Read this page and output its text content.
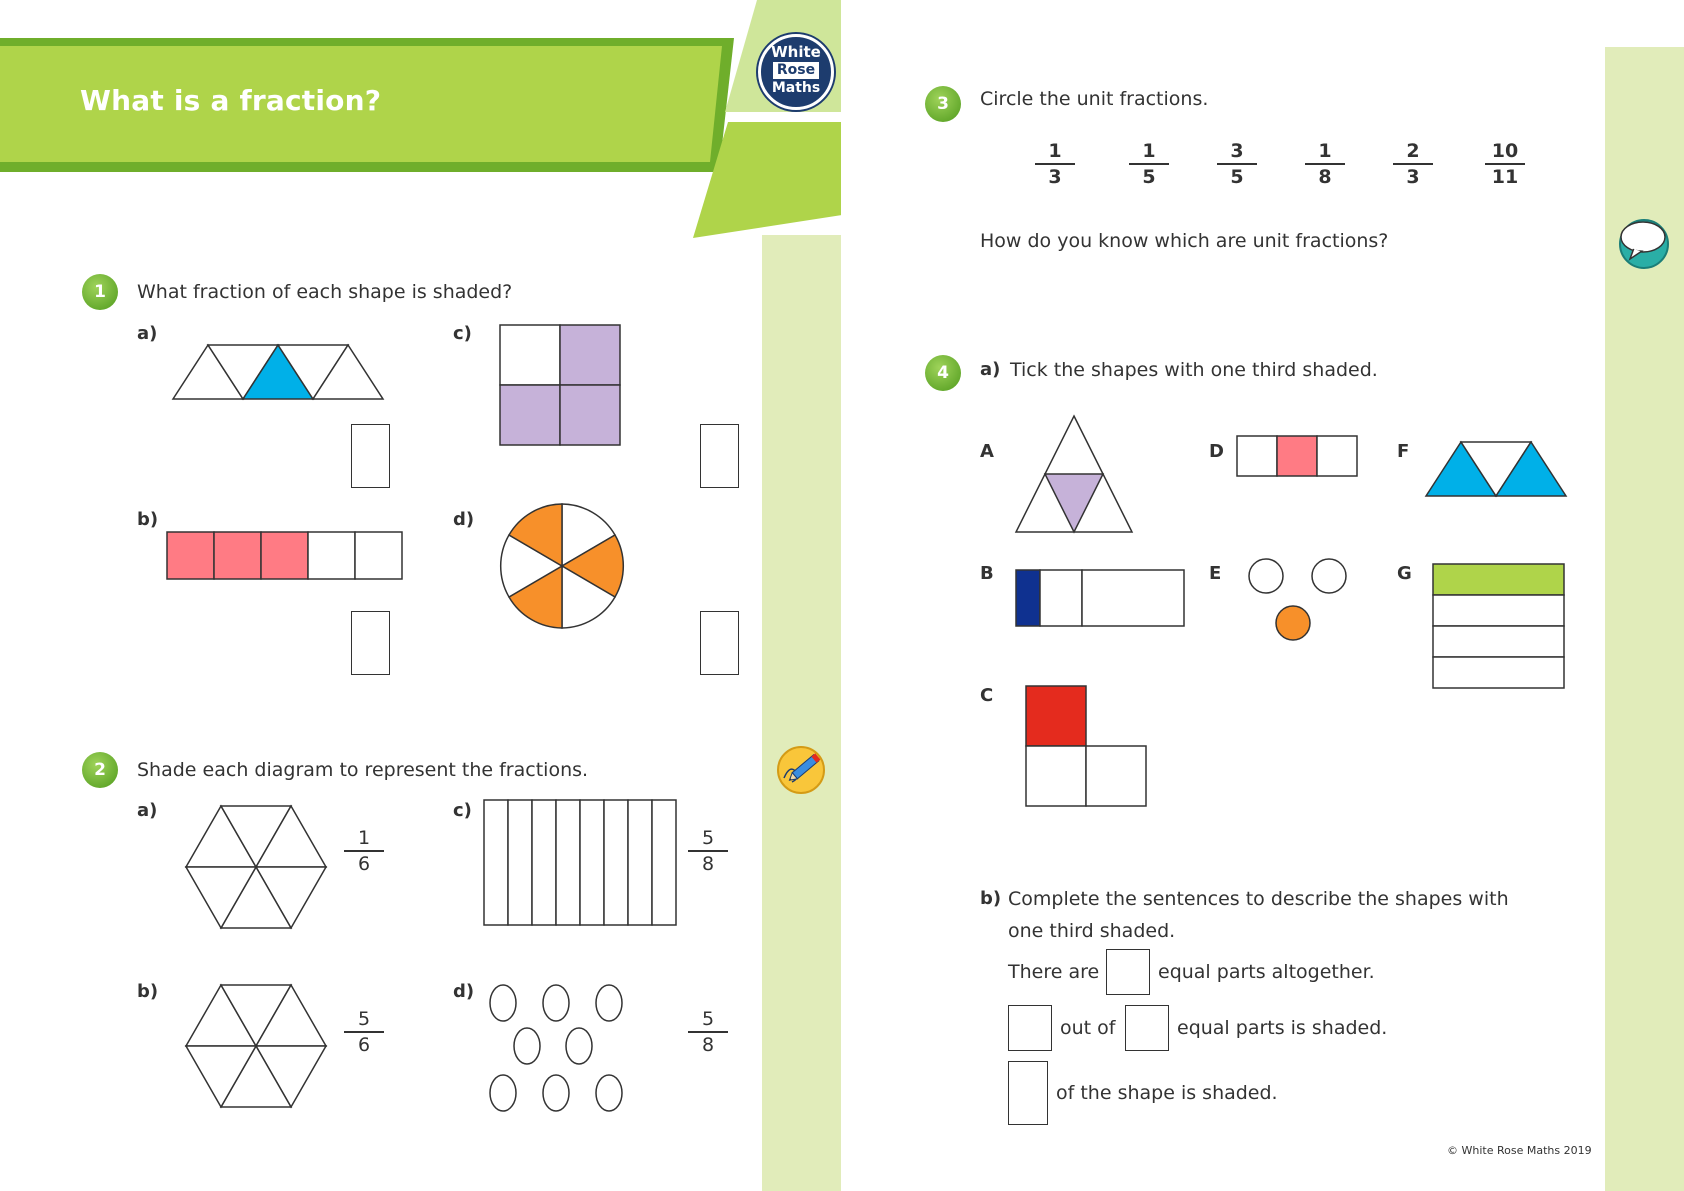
White
Rose
Maths
What is a fraction?
1	What fraction of each shape is shaded?
a)	c)
b)	d)
2	Shade each diagram to represent the fractions.
a)	c)
b)	d)
$\frac{1}{6}$
$\frac{5}{6}$
$\frac{5}{8}$
$\frac{5}{8}$
3	Circle the unit fractions.
$\frac{1}{3}$	$\frac{1}{5}$	$\frac{3}{5}$	$\frac{1}{8}$	$\frac{2}{3}$	$\frac{10}{11}$
How do you know which are unit fractions?
4	a) Tick the shapes with one third shaded.
A
B
C
D
E
F
G
b) Complete the sentences to describe the shapes with
one third shaded.
There are	equal parts altogether.
out of	equal parts is shaded.
of the shape is shaded.
© White Rose Maths 2019
